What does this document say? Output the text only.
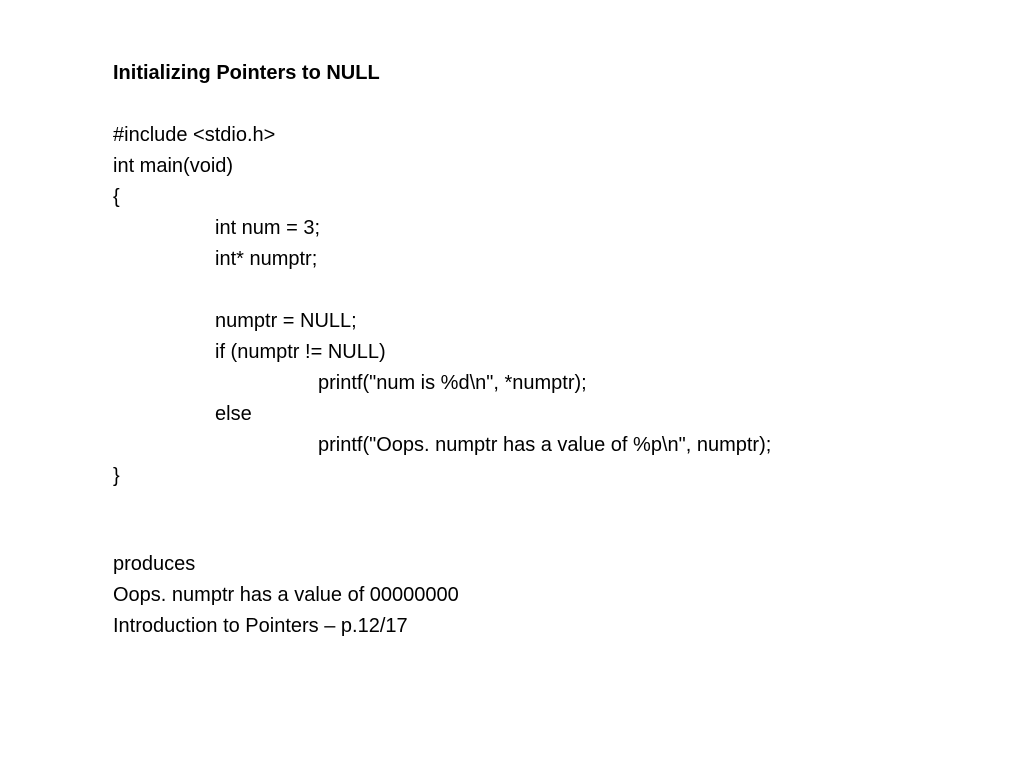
Initializing Pointers to NULL
#include <stdio.h>
int main(void)
{
int num = 3;
int* numptr;
numptr = NULL;
if (numptr != NULL)
printf("num is %d\n", *numptr);
else
printf("Oops. numptr has a value of %p\n", numptr);
}
produces
Oops. numptr has a value of 00000000
Introduction to Pointers – p.12/17
